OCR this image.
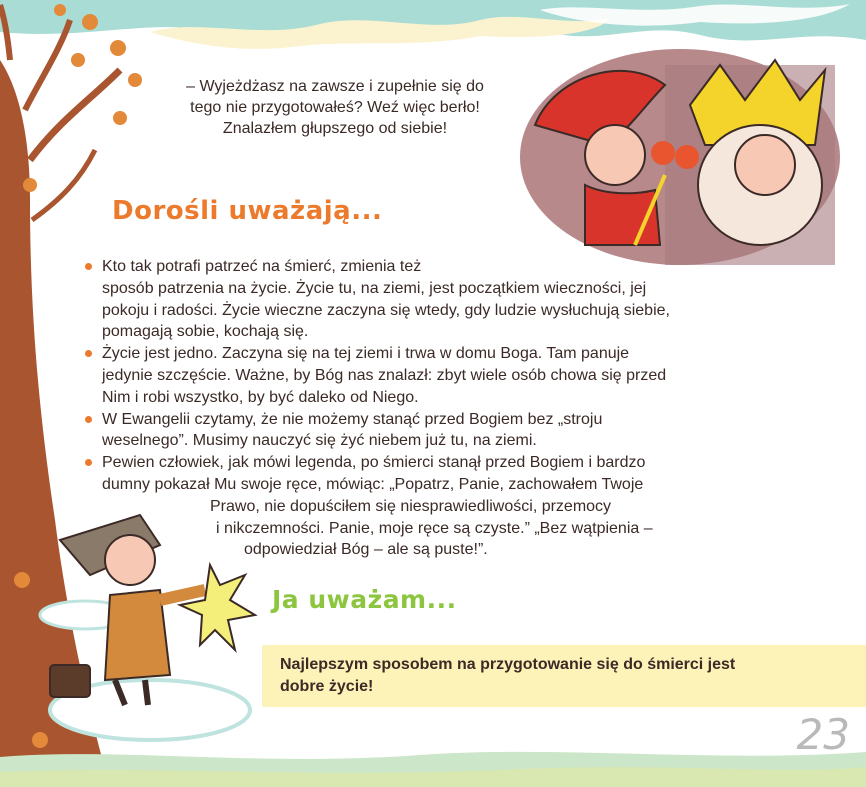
– Wyjeżdżasz na zawsze i zupełnie się do
tego nie przygotowałeś? Weź więc berło!
Znalazłem głupszego od siebie!
Dorośli uważają...
Kto tak potrafi patrzeć na śmierć, zmienia też
sposób patrzenia na życie. Życie tu, na ziemi, jest początkiem wieczności, jej
pokoju i radości. Życie wieczne zaczyna się wtedy, gdy ludzie wysłuchują siebie,
pomagają sobie, kochają się.
Życie jest jedno. Zaczyna się na tej ziemi i trwa w domu Boga. Tam panuje
jedynie szczęście. Ważne, by Bóg nas znalazł: zbyt wiele osób chowa się przed
Nim i robi wszystko, by być daleko od Niego.
W Ewangelii czytamy, że nie możemy stanąć przed Bogiem bez „stroju
weselnego”. Musimy nauczyć się żyć niebem już tu, na ziemi.
Pewien człowiek, jak mówi legenda, po śmierci stanął przed Bogiem i bardzo
dumny pokazał Mu swoje ręce, mówiąc: „Popatrz, Panie, zachowałem Twoje
Prawo, nie dopuściłem się niesprawiedliwości, przemocy
i nikczemności. Panie, moje ręce są czyste.” „Bez wątpienia –
odpowiedział Bóg – ale są puste!”.
Ja uważam...
Najlepszym sposobem na przygotowanie się do śmierci jest
dobre życie!
23
